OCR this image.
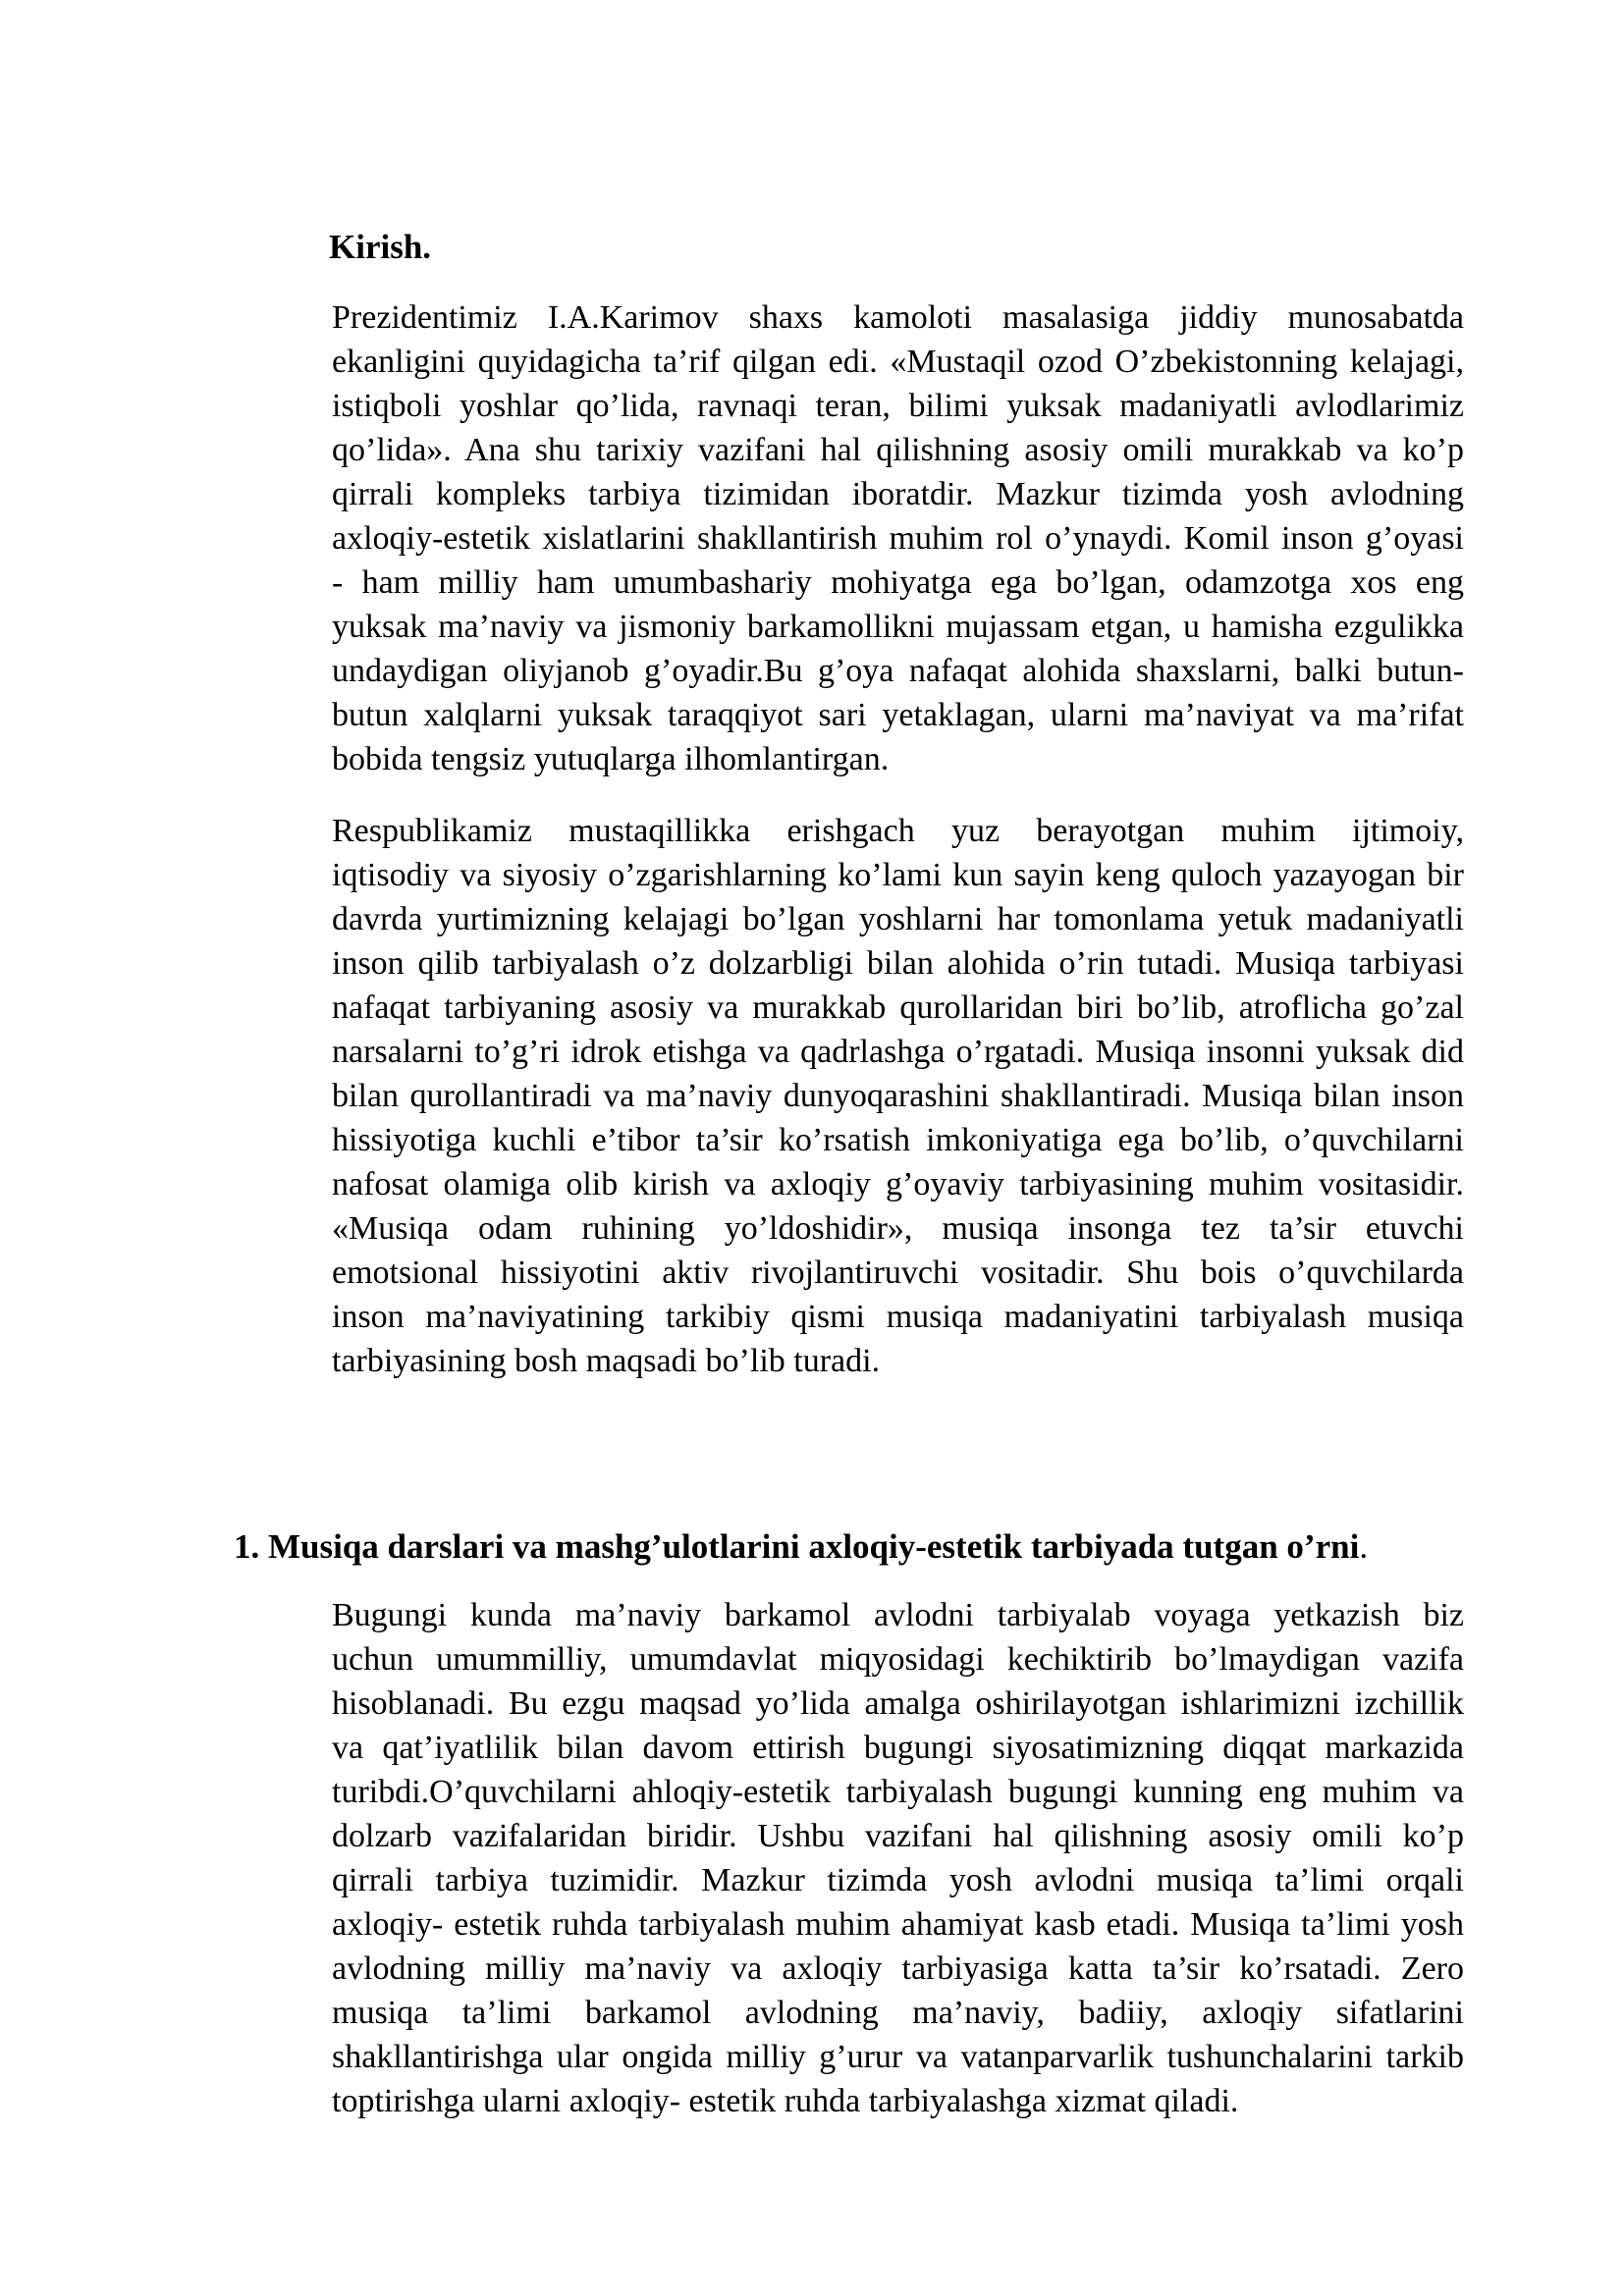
Kirish.
Prezidentimiz I.A.Karimov shaxs kamoloti masalasiga jiddiy munosabatda
ekanligini quyidagicha ta’rif qilgan edi. «Mustaqil ozod O’zbekistonning kelajagi,
istiqboli yoshlar qo’lida, ravnaqi teran, bilimi yuksak madaniyatli avlodlarimiz
qo’lida». Ana shu tarixiy vazifani hal qilishning asosiy omili murakkab va ko’p
qirrali kompleks tarbiya tizimidan iboratdir. Mazkur tizimda yosh avlodning
axloqiy-estetik xislatlarini shakllantirish muhim rol o’ynaydi. Komil inson g’oyasi
- ham milliy ham umumbashariy mohiyatga ega bo’lgan, odamzotga xos eng
yuksak ma’naviy va jismoniy barkamollikni mujassam etgan, u hamisha ezgulikka
undaydigan oliyjanob g’oyadir.Bu g’oya nafaqat alohida shaxslarni, balki butun-
butun xalqlarni yuksak taraqqiyot sari yetaklagan, ularni ma’naviyat va ma’rifat
bobida tengsiz yutuqlarga ilhomlantirgan.
Respublikamiz mustaqillikka erishgach yuz berayotgan muhim ijtimoiy,
iqtisodiy va siyosiy o’zgarishlarning ko’lami kun sayin keng quloch yazayogan bir
davrda yurtimizning kelajagi bo’lgan yoshlarni har tomonlama yetuk madaniyatli
inson qilib tarbiyalash o’z dolzarbligi bilan alohida o’rin tutadi. Musiqa tarbiyasi
nafaqat tarbiyaning asosiy va murakkab qurollaridan biri bo’lib, atroflicha go’zal
narsalarni to’g’ri idrok etishga va qadrlashga o’rgatadi. Musiqa insonni yuksak did
bilan qurollantiradi va ma’naviy dunyoqarashini shakllantiradi. Musiqa bilan inson
hissiyotiga kuchli e’tibor ta’sir ko’rsatish imkoniyatiga ega bo’lib, o’quvchilarni
nafosat olamiga olib kirish va axloqiy g’oyaviy tarbiyasining muhim vositasidir.
«Musiqa odam ruhining yo’ldoshidir», musiqa insonga tez ta’sir etuvchi
emotsional hissiyotini aktiv rivojlantiruvchi vositadir. Shu bois o’quvchilarda
inson ma’naviyatining tarkibiy qismi musiqa madaniyatini tarbiyalash musiqa
tarbiyasining bosh maqsadi bo’lib turadi.
1. Musiqa darslari va mashg’ulotlarini axloqiy-estetik tarbiyada tutgan o’rni.
Bugungi kunda ma’naviy barkamol avlodni tarbiyalab voyaga yetkazish biz
uchun umummilliy, umumdavlat miqyosidagi kechiktirib bo’lmaydigan vazifa
hisoblanadi. Bu ezgu maqsad yo’lida amalga oshirilayotgan ishlarimizni izchillik
va qat’iyatlilik bilan davom ettirish bugungi siyosatimizning diqqat markazida
turibdi.O’quvchilarni ahloqiy-estetik tarbiyalash bugungi kunning eng muhim va
dolzarb vazifalaridan biridir. Ushbu vazifani hal qilishning asosiy omili ko’p
qirrali tarbiya tuzimidir. Mazkur tizimda yosh avlodni musiqa ta’limi orqali
axloqiy- estetik ruhda tarbiyalash muhim ahamiyat kasb etadi. Musiqa ta’limi yosh
avlodning milliy ma’naviy va axloqiy tarbiyasiga katta ta’sir ko’rsatadi. Zero
musiqa ta’limi barkamol avlodning ma’naviy, badiiy, axloqiy sifatlarini
shakllantirishga ular ongida milliy g’urur va vatanparvarlik tushunchalarini tarkib
toptirishga ularni axloqiy- estetik ruhda tarbiyalashga xizmat qiladi.
